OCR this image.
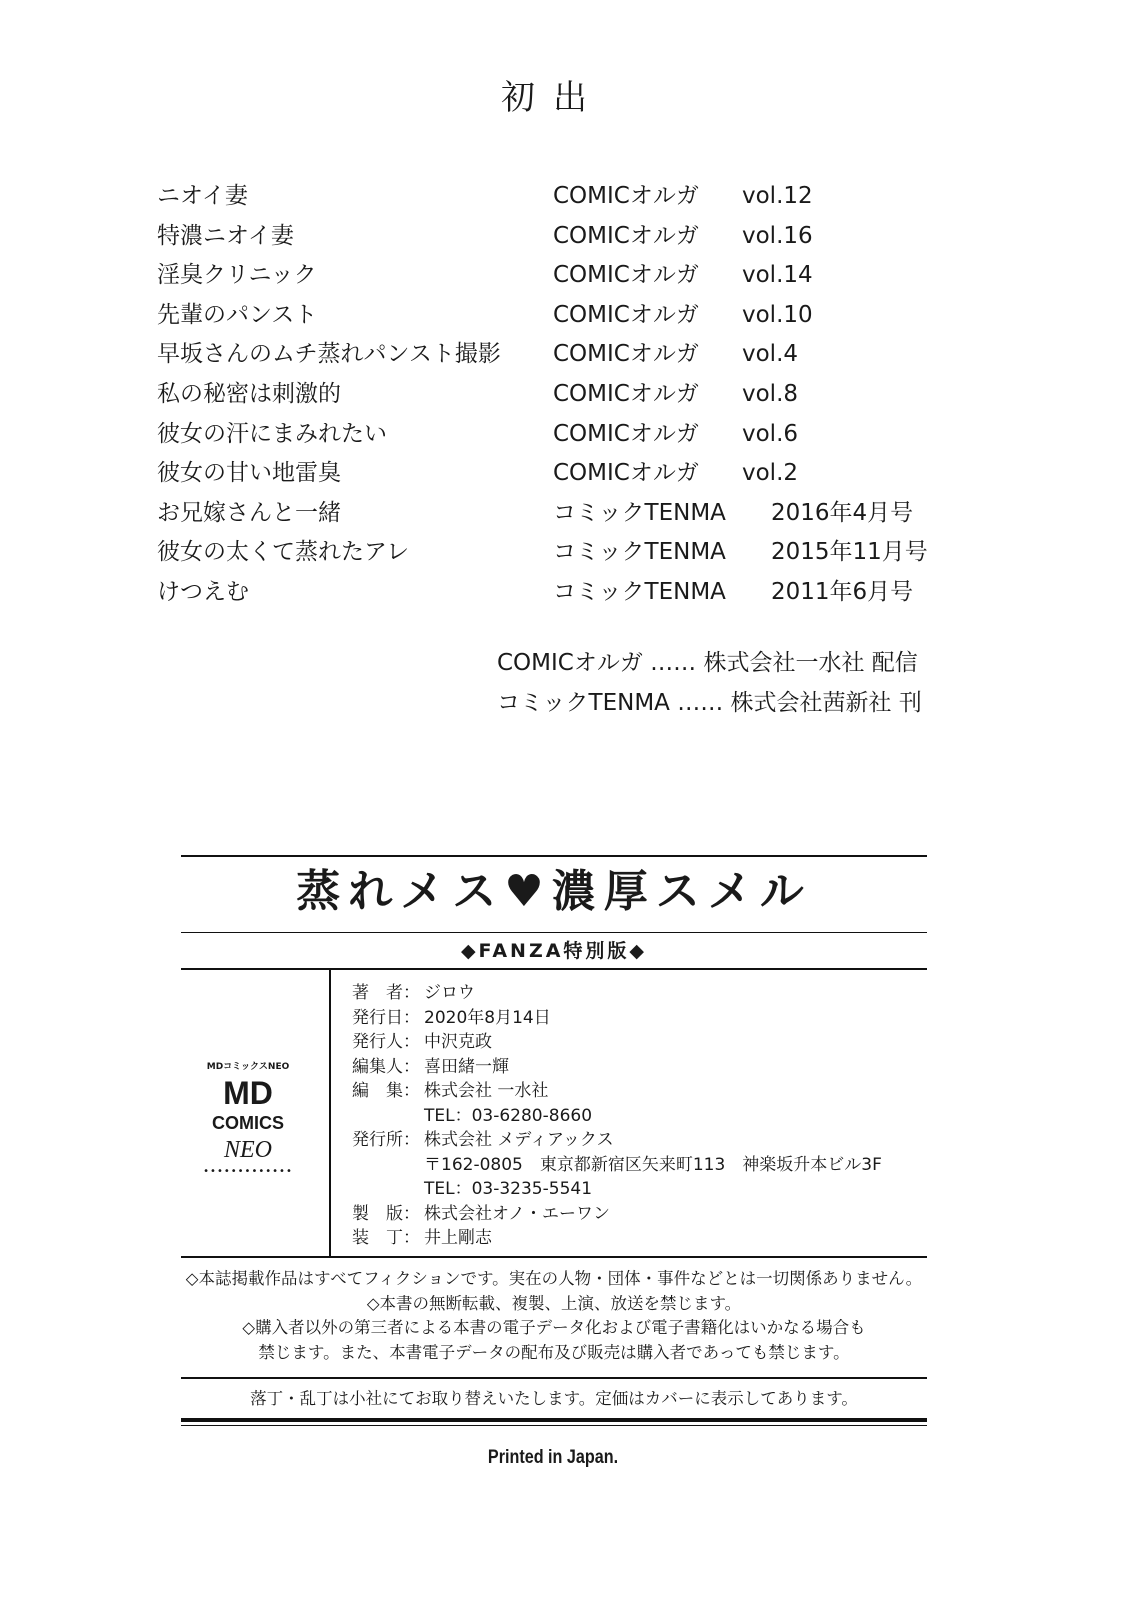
初出
ニオイ妻	COMICオルガ vol.12
特濃ニオイ妻	COMICオルガ vol.16
淫臭クリニック	COMICオルガ vol.14
先輩のパンスト	COMICオルガ vol.10
早坂さんのムチ蒸れパンスト撮影 COMICオルガ vol.4
私の秘密は刺激的	COMICオルガ vol.8
彼女の汗にまみれたい	COMICオルガ vol.6
彼女の甘い地雷臭	COMICオルガ vol.2
お兄嫁さんと一緒	コミックTENMA 2016年4月号
彼女の太くて蒸れたアレ	コミックTENMA 2015年11月号
けつえむ	コミックTENMA 2011年6月号
COMICオルガ …… 株式会社一水社 配信
コミックTENMA …… 株式会社茜新社 刊
蒸れメス♥濃厚スメル
◆FANZA特別版◆
MDコミックスNEO
MD
COMICS
NEO
•••••••••••••
著　者： ジロウ
発行日： 2020年8月14日
発行人： 中沢克政
編集人： 喜田緒一輝
編　集： 株式会社 一水社
TEL：03-6280-8660
発行所： 株式会社 メディアックス
〒162-0805　東京都新宿区矢来町113　神楽坂升本ビル3F
TEL：03-3235-5541
製　版： 株式会社オノ・エーワン
装　丁： 井上剛志
◇本誌掲載作品はすべてフィクションです。実在の人物・団体・事件などとは一切関係ありません。
◇本書の無断転載、複製、上演、放送を禁じます。
◇購入者以外の第三者による本書の電子データ化および電子書籍化はいかなる場合も
禁じます。また、本書電子データの配布及び販売は購入者であっても禁じます。
落丁・乱丁は小社にてお取り替えいたします。定価はカバーに表示してあります。
Printed in Japan.
